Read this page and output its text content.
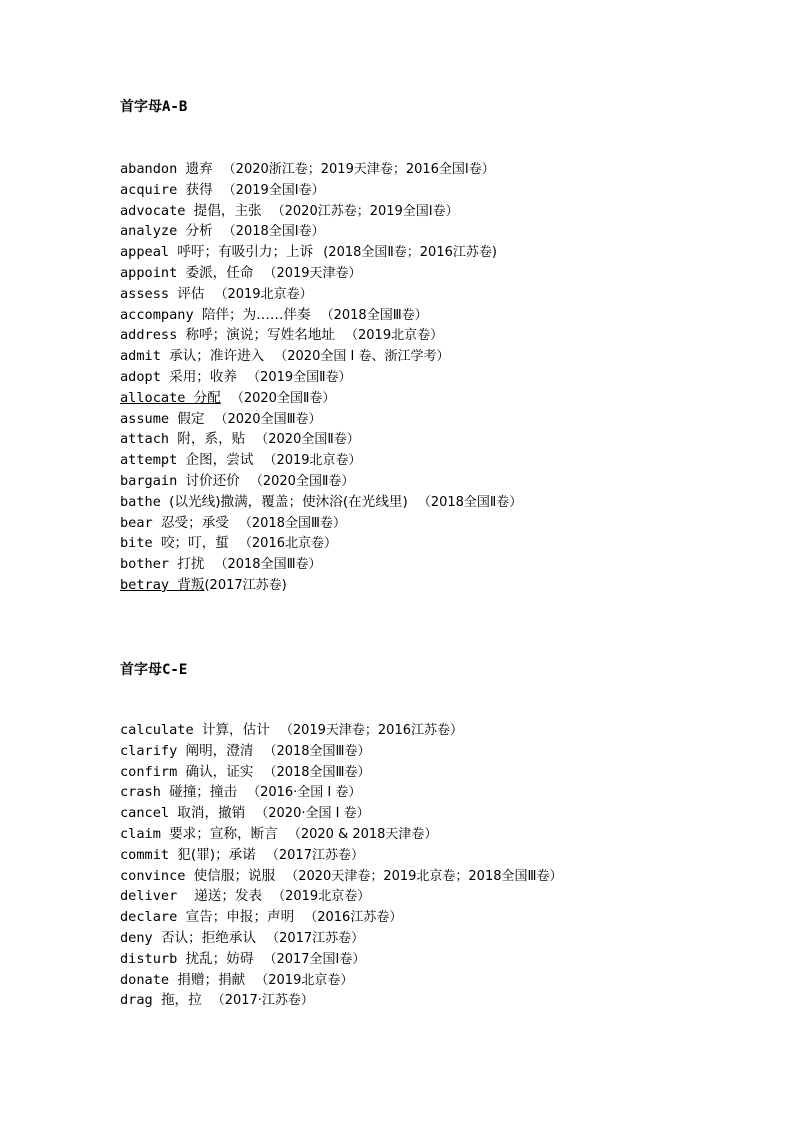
首字母A-B
abandon 遗弃 （2020浙江卷；2019天津卷；2016全国Ⅰ卷）
acquire 获得 （2019全国Ⅰ卷）
advocate 提倡，主张 （2020江苏卷；2019全国Ⅰ卷）
analyze 分析 （2018全国Ⅰ卷）
appeal 呼吁；有吸引力；上诉 (2018全国Ⅱ卷；2016江苏卷)
appoint 委派，任命 （2019天津卷）
assess 评估 （2019北京卷）
accompany 陪伴；为……伴奏 （2018全国Ⅲ卷）
address 称呼；演说；写姓名地址 （2019北京卷）
admit 承认；准许进入 （2020全国 Ⅰ 卷、浙江学考）
adopt 采用；收养 （2019全国Ⅱ卷）
allocate 分配 （2020全国Ⅱ卷）
assume 假定 （2020全国Ⅲ卷）
attach 附，系，贴 （2020全国Ⅱ卷）
attempt 企图，尝试 （2019北京卷）
bargain 讨价还价 （2020全国Ⅱ卷）
bathe (以光线)撒满，覆盖；使沐浴(在光线里) （2018全国Ⅱ卷）
bear 忍受；承受 （2018全国Ⅲ卷）
bite 咬；叮，蜇 （2016北京卷）
bother 打扰 （2018全国Ⅲ卷）
betray 背叛(2017江苏卷)
首字母C-E
calculate 计算，估计 （2019天津卷；2016江苏卷）
clarify 阐明，澄清 （2018全国Ⅲ卷）
confirm 确认，证实 （2018全国Ⅲ卷）
crash 碰撞；撞击 （2016·全国 Ⅰ 卷）
cancel 取消，撤销 （2020·全国 Ⅰ 卷）
claim 要求；宣称，断言 （2020 & 2018天津卷）
commit 犯(罪)；承诺 （2017江苏卷）
convince 使信服；说服 （2020天津卷；2019北京卷；2018全国Ⅲ卷）
deliver   递送；发表 （2019北京卷）
declare 宣告；申报；声明 （2016江苏卷）
deny 否认；拒绝承认 （2017江苏卷）
disturb 扰乱；妨碍 （2017全国Ⅰ卷）
donate 捐赠；捐献 （2019北京卷）
drag 拖，拉 （2017·江苏卷）
